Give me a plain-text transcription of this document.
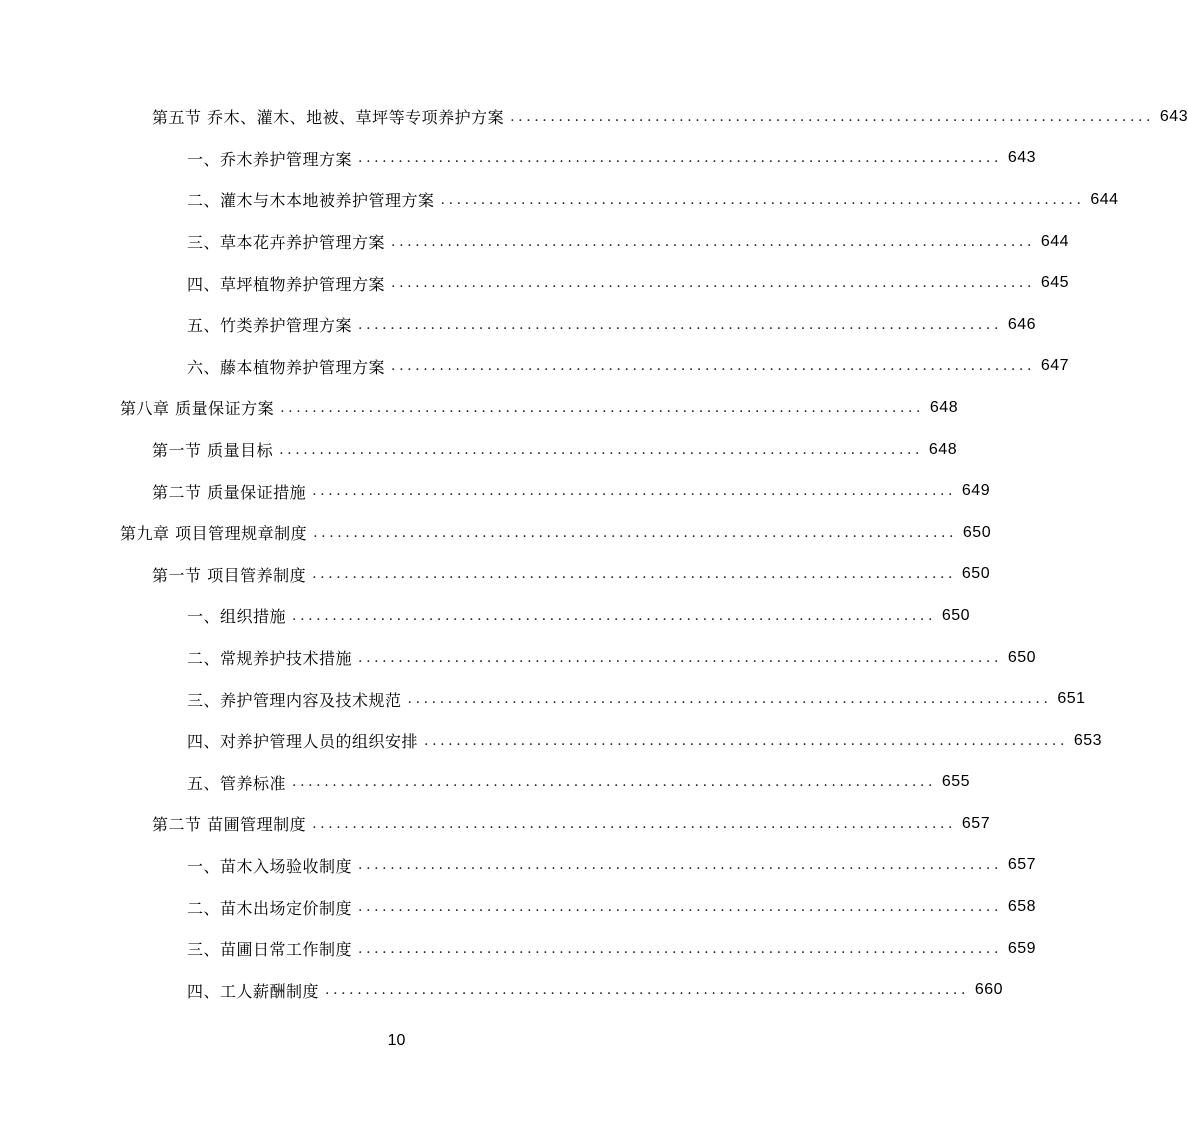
第五节 乔木、灌木、地被、草坪等专项养护方案 ................................................................................ 643
一、乔木养护管理方案 ................................................................................ 643
二、灌木与木本地被养护管理方案 ................................................................................ 644
三、草本花卉养护管理方案 ................................................................................ 644
四、草坪植物养护管理方案 ................................................................................ 645
五、竹类养护管理方案 ................................................................................ 646
六、藤本植物养护管理方案 ................................................................................ 647
第八章 质量保证方案 ................................................................................ 648
第一节 质量目标 ................................................................................ 648
第二节 质量保证措施 ................................................................................ 649
第九章 项目管理规章制度 ................................................................................ 650
第一节 项目管养制度 ................................................................................ 650
一、组织措施 ................................................................................ 650
二、常规养护技术措施 ................................................................................ 650
三、养护管理内容及技术规范 ................................................................................ 651
四、对养护管理人员的组织安排 ................................................................................ 653
五、管养标准 ................................................................................ 655
第二节 苗圃管理制度 ................................................................................ 657
一、苗木入场验收制度 ................................................................................ 657
二、苗木出场定价制度 ................................................................................ 658
三、苗圃日常工作制度 ................................................................................ 659
四、工人薪酬制度 ................................................................................ 660
10
